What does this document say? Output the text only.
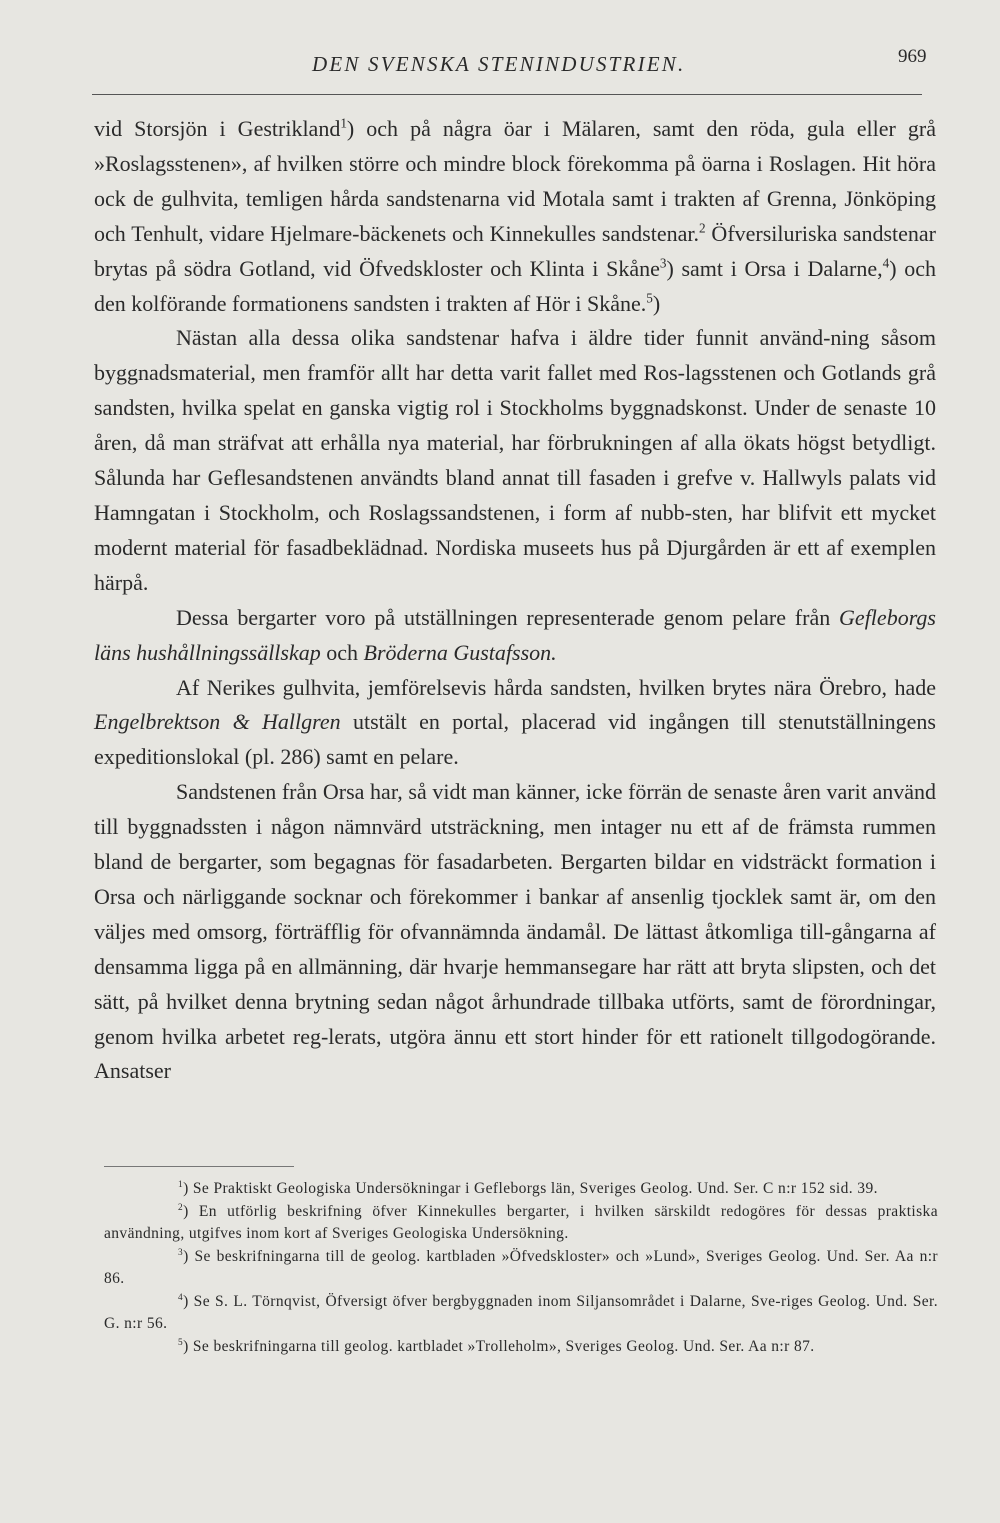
DEN SVENSKA STENINDUSTRIEN.	969

vid Storsjön i Gestrikland$^1$) och på några öar i Mälaren, samt den röda, gula eller grå »Roslagsstenen», af hvilken större och mindre block förekomma på öarna i Roslagen. Hit höra ock de gulhvita, temligen hårda sandstenarna vid Motala samt i trakten af Grenna, Jönköping och Tenhult, vidare Hjelmare-bäckenets och Kinnekulles sandstenar.$^2$ Öfversiluriska sandstenar brytas på södra Gotland, vid Öfvedskloster och Klinta i Skåne$^3$) samt i Orsa i Dalarne,$^4$) och den kolförande formationens sandsten i trakten af Hör i Skåne.$^5$)

Nästan alla dessa olika sandstenar hafva i äldre tider funnit använd-ning såsom byggnadsmaterial, men framför allt har detta varit fallet med Ros-lagsstenen och Gotlands grå sandsten, hvilka spelat en ganska vigtig rol i Stockholms byggnadskonst. Under de senaste 10 åren, då man sträfvat att erhålla nya material, har förbrukningen af alla ökats högst betydligt. Sålunda har Geflesandstenen användts bland annat till fasaden i grefve v. Hallwyls palats vid Hamngatan i Stockholm, och Roslagssandstenen, i form af nubb-sten, har blifvit ett mycket modernt material för fasadbeklädnad. Nordiska museets hus på Djurgården är ett af exemplen härpå.

Dessa bergarter voro på utställningen representerade genom pelare från Gefleborgs läns hushållningssällskap och Bröderna Gustafsson.

Af Nerikes gulhvita, jemförelsevis hårda sandsten, hvilken brytes nära Örebro, hade Engelbrektson & Hallgren utstält en portal, placerad vid ingången till stenutställningens expeditionslokal (pl. 286) samt en pelare.

Sandstenen från Orsa har, så vidt man känner, icke förrän de senaste åren varit använd till byggnadssten i någon nämnvärd utsträckning, men intager nu ett af de främsta rummen bland de bergarter, som begagnas för fasadarbeten. Bergarten bildar en vidsträckt formation i Orsa och närliggande socknar och förekommer i bankar af ansenlig tjocklek samt är, om den väljes med omsorg, förträfflig för ofvannämnda ändamål. De lättast åtkomliga till-gångarna af densamma ligga på en allmänning, där hvarje hemmansegare har rätt att bryta slipsten, och det sätt, på hvilket denna brytning sedan något århundrade tillbaka utförts, samt de förordningar, genom hvilka arbetet reg-lerats, utgöra ännu ett stort hinder för ett rationelt tillgodogörande. Ansatser

$^1$) Se Praktiskt Geologiska Undersökningar i Gefleborgs län, Sveriges Geolog. Und. Ser. C n:r 152 sid. 39.

$^2$) En utförlig beskrifning öfver Kinnekulles bergarter, i hvilken särskildt redogöres för dessas praktiska användning, utgifves inom kort af Sveriges Geologiska Undersökning.

$^3$) Se beskrifningarna till de geolog. kartbladen »Öfvedskloster» och »Lund», Sveriges Geolog. Und. Ser. Aa n:r 86.

$^4$) Se S. L. Törnqvist, Öfversigt öfver bergbyggnaden inom Siljansområdet i Dalarne, Sve-riges Geolog. Und. Ser. G. n:r 56.

$^5$) Se beskrifningarna till geolog. kartbladet »Trolleholm», Sveriges Geolog. Und. Ser. Aa n:r 87.
